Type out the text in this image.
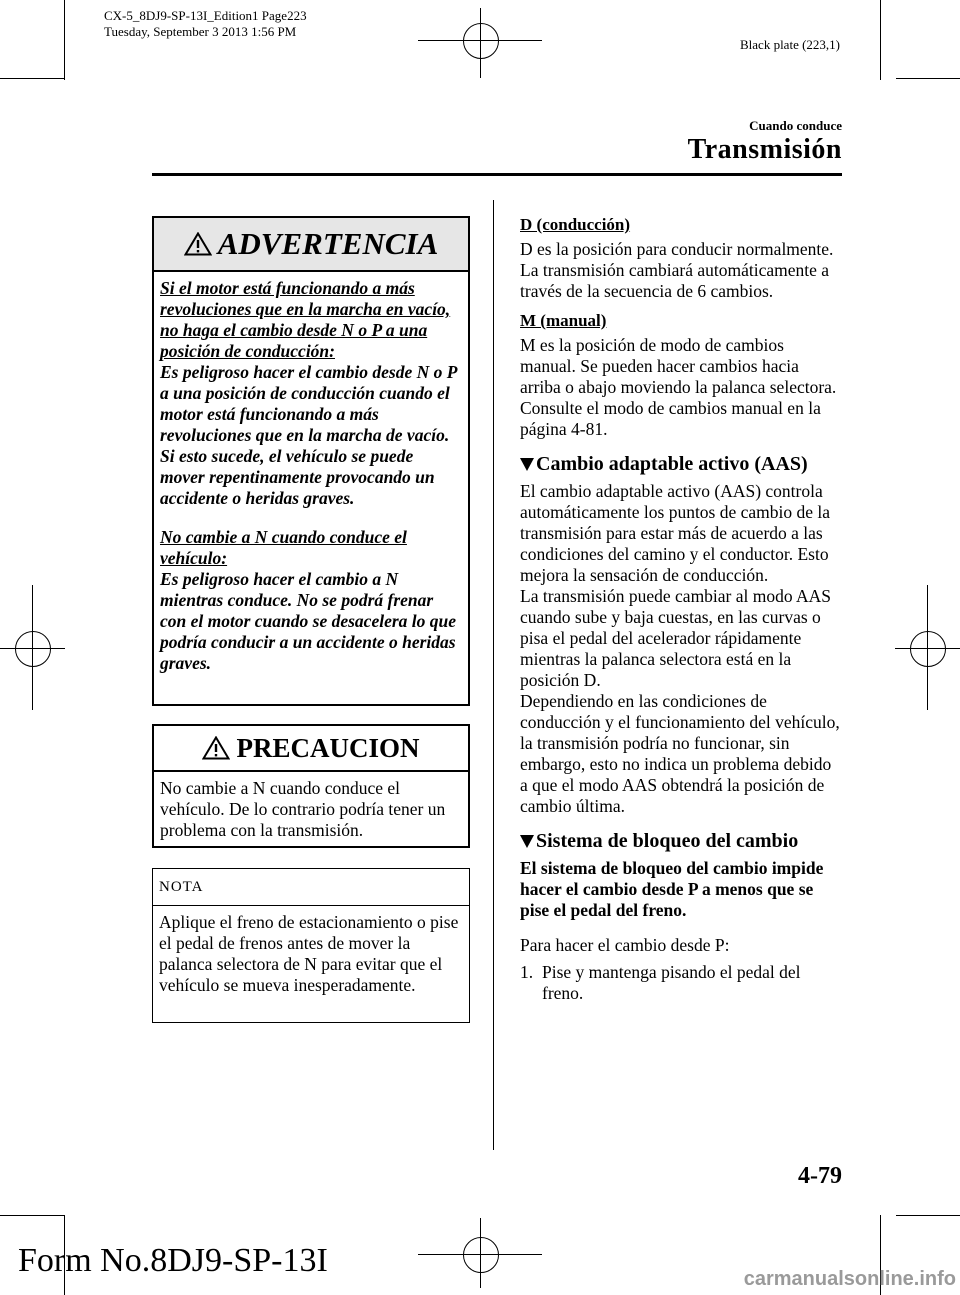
CX-5_8DJ9-SP-13I_Edition1 Page223
Tuesday, September 3 2013 1:56 PM
Black plate (223,1)
Cuando conduce
Transmisión
ADVERTENCIA
Si el motor está funcionando a más revoluciones que en la marcha en vacío, no haga el cambio desde N o P a una posición de conducción:
Es peligroso hacer el cambio desde N o P a una posición de conducción cuando el motor está funcionando a más revoluciones que en la marcha de vacío. Si esto sucede, el vehículo se puede mover repentinamente provocando un accidente o heridas graves.
No cambie a N cuando conduce el vehículo:
Es peligroso hacer el cambio a N mientras conduce. No se podrá frenar con el motor cuando se desacelera lo que podría conducir a un accidente o heridas graves.
PRECAUCION
No cambie a N cuando conduce el vehículo. De lo contrario podría tener un problema con la transmisión.
NOTA
Aplique el freno de estacionamiento o pise el pedal de frenos antes de mover la palanca selectora de N para evitar que el vehículo se mueva inesperadamente.
D (conducción)
D es la posición para conducir normalmente. La transmisión cambiará automáticamente a través de la secuencia de 6 cambios.
M (manual)
M es la posición de modo de cambios manual. Se pueden hacer cambios hacia arriba o abajo moviendo la palanca selectora.
Consulte el modo de cambios manual en la página 4-81.
Cambio adaptable activo (AAS)
El cambio adaptable activo (AAS) controla automáticamente los puntos de cambio de la transmisión para estar más de acuerdo a las condiciones del camino y el conductor. Esto mejora la sensación de conducción.
La transmisión puede cambiar al modo AAS cuando sube y baja cuestas, en las curvas o pisa el pedal del acelerador rápidamente mientras la palanca selectora está en la posición D.
Dependiendo en las condiciones de conducción y el funcionamiento del vehículo, la transmisión podría no funcionar, sin embargo, esto no indica un problema debido a que el modo AAS obtendrá la posición de cambio última.
Sistema de bloqueo del cambio
El sistema de bloqueo del cambio impide hacer el cambio desde P a menos que se pise el pedal del freno.
Para hacer el cambio desde P:
1. Pise y mantenga pisando el pedal del freno.
4-79
Form No.8DJ9-SP-13I	carmanualsonline.info
